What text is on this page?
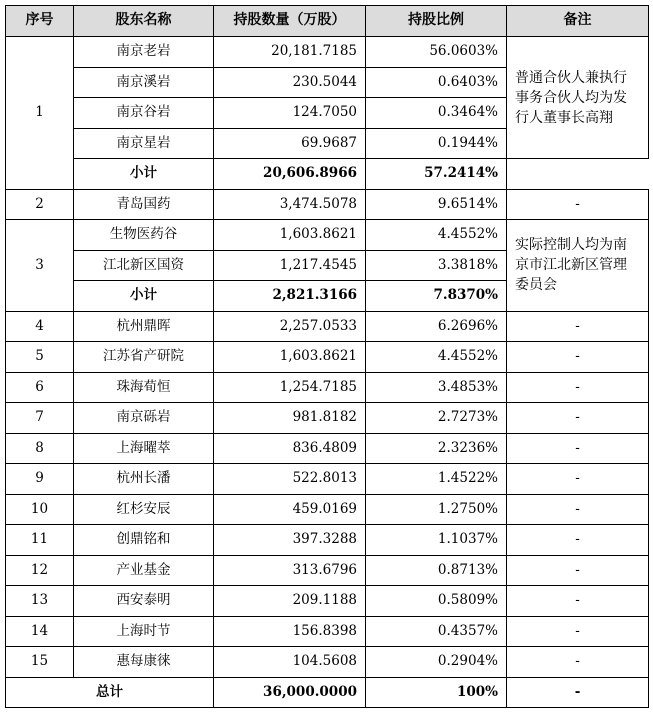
序号	股东名称	持股数量（万股）	持股比例	备注
1	南京老岩	20,181.7185	56.0603%	普通合伙人兼执行事务合伙人均为发行人董事长高翔
	南京溪岩	230.5044	0.6403%	
	南京谷岩	124.7050	0.3464%	
	南京星岩	69.9687	0.1944%	
	小计	20,606.8966	57.2414%	
2	青岛国药	3,474.5078	9.6514%	-
3	生物医药谷	1,603.8621	4.4552%	实际控制人均为南京市江北新区管理委员会
	江北新区国资	1,217.4545	3.3818%	
	小计	2,821.3166	7.8370%	
4	杭州鼎晖	2,257.0533	6.2696%	-
5	江苏省产研院	1,603.8621	4.4552%	-
6	珠海荀恒	1,254.7185	3.4853%	-
7	南京砾岩	981.8182	2.7273%	-
8	上海曜萃	836.4809	2.3236%	-
9	杭州长潘	522.8013	1.4522%	-
10	红杉安辰	459.0169	1.2750%	-
11	创鼎铭和	397.3288	1.1037%	-
12	产业基金	313.6796	0.8713%	-
13	西安泰明	209.1188	0.5809%	-
14	上海时节	156.8398	0.4357%	-
15	惠每康徕	104.5608	0.2904%	-
总计		36,000.0000	100%	-
